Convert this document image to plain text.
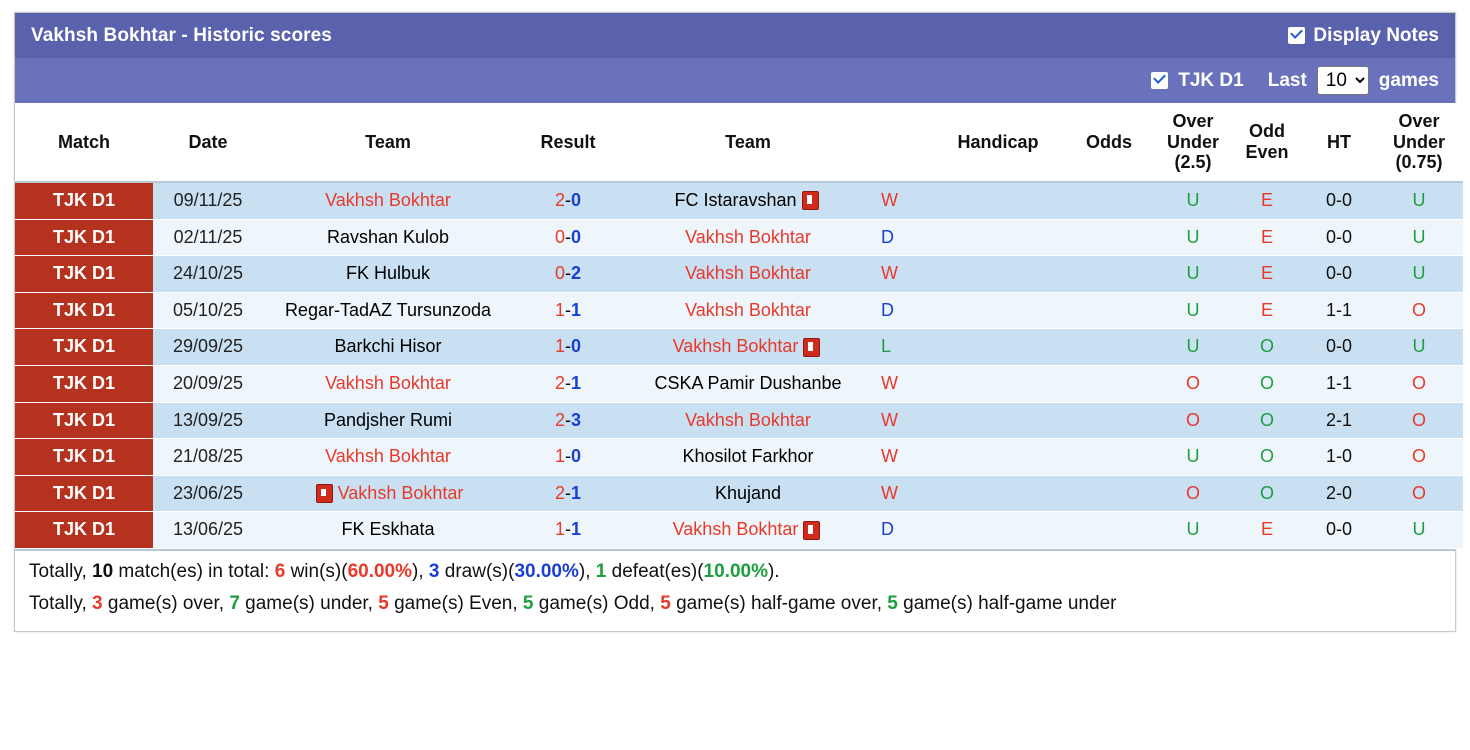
Vakhsh Bokhtar - Historic scores	Display Notes
TJK D1 Last
10	games
Match	Date	Team	Result	Team		Handicap	Odds	Over
Under
(2.5)	Odd
Even	HT	Over
Under
(0.75)
TJK D1	09/11/25	Vakhsh Bokhtar	2-0	FC Istaravshan	W			U	E	0-0	U
TJK D1	02/11/25	Ravshan Kulob	0-0	Vakhsh Bokhtar	D			U	E	0-0	U
TJK D1	24/10/25	FK Hulbuk	0-2	Vakhsh Bokhtar	W			U	E	0-0	U
TJK D1	05/10/25	Regar-TadAZ Tursunzoda	1-1	Vakhsh Bokhtar	D			U	E	1-1	O
TJK D1	29/09/25	Barkchi Hisor	1-0	Vakhsh Bokhtar	L			U	O	0-0	U
TJK D1	20/09/25	Vakhsh Bokhtar	2-1	CSKA Pamir Dushanbe	W			O	O	1-1	O
TJK D1	13/09/25	Pandjsher Rumi	2-3	Vakhsh Bokhtar	W			O	O	2-1	O
TJK D1	21/08/25	Vakhsh Bokhtar	1-0	Khosilot Farkhor	W			U	O	1-0	O
TJK D1	23/06/25	Vakhsh Bokhtar	2-1	Khujand	W			O	O	2-0	O
TJK D1	13/06/25	FK Eskhata	1-1	Vakhsh Bokhtar	D			U	E	0-0	U

Totally, 10 match(es) in total: 6 win(s)(60.00%), 3 draw(s)(30.00%), 1 defeat(es)(10.00%).

Totally, 3 game(s) over, 7 game(s) under, 5 game(s) Even, 5 game(s) Odd, 5 game(s) half-game over, 5 game(s) half-game under
